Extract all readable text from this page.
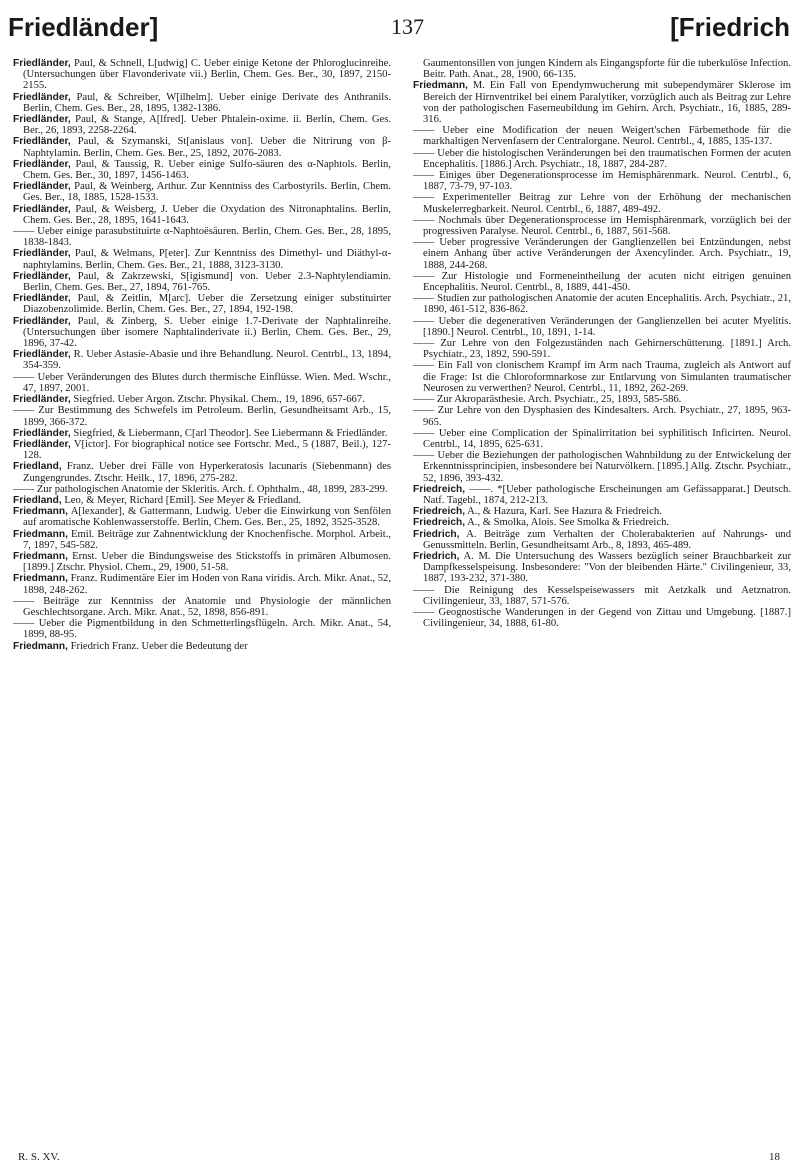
Friedländer]	137	[Friedrich

Friedländer, Paul, & Schnell, L[udwig] C. Ueber einige Ketone der Phloroglucinreihe. (Untersuchungen über Flavonderivate vii.) Berlin, Chem. Ges. Ber., 30, 1897, 2150-2155.

Friedländer, Paul, & Schreiber, W[ilhelm]. Ueber einige Derivate des Anthranils. Berlin, Chem. Ges. Ber., 28, 1895, 1382-1386.

Friedländer, Paul, & Stange, A[lfred]. Ueber Phtalein-oxime. ii. Berlin, Chem. Ges. Ber., 26, 1893, 2258-2264.

Friedländer, Paul, & Szymanski, St[anislaus von]. Ueber die Nitrirung von β-Naphtylamin. Berlin, Chem. Ges. Ber., 25, 1892, 2076-2083.

Friedländer, Paul, & Taussig, R. Ueber einige Sulfo-säuren des α-Naphtols. Berlin, Chem. Ges. Ber., 30, 1897, 1456-1463.

Friedländer, Paul, & Weinberg, Arthur. Zur Kenntniss des Carbostyrils. Berlin, Chem. Ges. Ber., 18, 1885, 1528-1533.

Friedländer, Paul, & Weisberg, J. Ueber die Oxydation des Nitronaphtalins. Berlin, Chem. Ges. Ber., 28, 1895, 1641-1643.

—— Ueber einige parasubstituirte α-Naphtoësäuren. Berlin, Chem. Ges. Ber., 28, 1895, 1838-1843.

Friedländer, Paul, & Welmans, P[eter]. Zur Kenntniss des Dimethyl- und Diäthyl-α-naphtylamins. Berlin, Chem. Ges. Ber., 21, 1888, 3123-3130.

Friedländer, Paul, & Zakrzewski, S[igismund] von. Ueber 2.3-Naphtylendiamin. Berlin, Chem. Ges. Ber., 27, 1894, 761-765.

Friedländer, Paul, & Zeitlin, M[arc]. Ueber die Zersetzung einiger substituirter Diazobenzolimide. Berlin, Chem. Ges. Ber., 27, 1894, 192-198.

Friedländer, Paul, & Zinberg, S. Ueber einige 1.7-Derivate der Naphtalinreihe. (Untersuchungen über isomere Naphtalinderivate ii.) Berlin, Chem. Ges. Ber., 29, 1896, 37-42.

Friedländer, R. Ueber Astasie-Abasie und ihre Behandlung. Neurol. Centrbl., 13, 1894, 354-359.

—— Ueber Veränderungen des Blutes durch thermische Einflüsse. Wien. Med. Wschr., 47, 1897, 2001.

Friedländer, Siegfried. Ueber Argon. Ztschr. Physikal. Chem., 19, 1896, 657-667.

—— Zur Bestimmung des Schwefels im Petroleum. Berlin, Gesundheitsamt Arb., 15, 1899, 366-372.

Friedländer, Siegfried, & Liebermann, C[arl Theodor]. See Liebermann & Friedländer.

Friedländer, V[ictor]. For biographical notice see Fortschr. Med., 5 (1887, Beil.), 127-128.

Friedland, Franz. Ueber drei Fälle von Hyperkeratosis lacunaris (Siebenmann) des Zungengrundes. Ztschr. Heilk., 17, 1896, 275-282.

—— Zur pathologischen Anatomie der Skleritis. Arch. f. Ophthalm., 48, 1899, 283-299.

Friedland, Leo, & Meyer, Richard [Emil]. See Meyer & Friedland.

Friedmann, A[lexander], & Gattermann, Ludwig. Ueber die Einwirkung von Senfölen auf aromatische Kohlenwasserstoffe. Berlin, Chem. Ges. Ber., 25, 1892, 3525-3528.

Friedmann, Emil. Beiträge zur Zahnentwicklung der Knochenfische. Morphol. Arbeit., 7, 1897, 545-582.

Friedmann, Ernst. Ueber die Bindungsweise des Stickstoffs in primären Albumosen. [1899.] Ztschr. Physiol. Chem., 29, 1900, 51-58.

Friedmann, Franz. Rudimentäre Eier im Hoden von Rana viridis. Arch. Mikr. Anat., 52, 1898, 248-262.

—— Beiträge zur Kenntniss der Anatomie und Physiologie der männlichen Geschlechtsorgane. Arch. Mikr. Anat., 52, 1898, 856-891.

—— Ueber die Pigmentbildung in den Schmetterlingsflügeln. Arch. Mikr. Anat., 54, 1899, 88-95.

Friedmann, Friedrich Franz. Ueber die Bedeutung der

Gaumentonsillen von jungen Kindern als Eingangspforte für die tuberkulöse Infection. Beitr. Path. Anat., 28, 1900, 66-135.

Friedmann, M. Ein Fall von Ependymwucherung mit subependymärer Sklerose im Bereich der Hirnventrikel bei einem Paralytiker, vorzüglich auch als Beitrag zur Lehre von der pathologischen Faserneubildung im Gehirn. Arch. Psychiatr., 16, 1885, 289-316.

—— Ueber eine Modification der neuen Weigert'schen Färbemethode für die markhaltigen Nervenfasern der Centralorgane. Neurol. Centrbl., 4, 1885, 135-137.

—— Ueber die histologischen Veränderungen bei den traumatischen Formen der acuten Encephalitis. [1886.] Arch. Psychiatr., 18, 1887, 284-287.

—— Einiges über Degenerationsprocesse im Hemisphärenmark. Neurol. Centrbl., 6, 1887, 73-79, 97-103.

—— Experimenteller Beitrag zur Lehre von der Erhöhung der mechanischen Muskelerregbarkeit. Neurol. Centrbl., 6, 1887, 489-492.

—— Nochmals über Degenerationsprocesse im Hemisphärenmark, vorzüglich bei der progressiven Paralyse. Neurol. Centrbl., 6, 1887, 561-568.

—— Ueber progressive Veränderungen der Ganglienzellen bei Entzündungen, nebst einem Anhang über active Veränderungen der Axencylinder. Arch. Psychiatr., 19, 1888, 244-268.

—— Zur Histologie und Formeneintheilung der acuten nicht eitrigen genuinen Encephalitis. Neurol. Centrbl., 8, 1889, 441-450.

—— Studien zur pathologischen Anatomie der acuten Encephalitis. Arch. Psychiatr., 21, 1890, 461-512, 836-862.

—— Ueber die degenerativen Veränderungen der Ganglienzellen bei acuter Myelitis. [1890.] Neurol. Centrbl., 10, 1891, 1-14.

—— Zur Lehre von den Folgezuständen nach Gehirnerschütterung. [1891.] Arch. Psychiatr., 23, 1892, 590-591.

—— Ein Fall von clonischem Krampf im Arm nach Trauma, zugleich als Antwort auf die Frage: Ist die Chloroformnarkose zur Entlarvung von Simulanten traumatischer Neurosen zu verwerthen? Neurol. Centrbl., 11, 1892, 262-269.

—— Zur Akroparästhesie. Arch. Psychiatr., 25, 1893, 585-586.

—— Zur Lehre von den Dysphasien des Kindesalters. Arch. Psychiatr., 27, 1895, 963-965.

—— Ueber eine Complication der Spinalirritation bei syphilitisch Inficirten. Neurol. Centrbl., 14, 1895, 625-631.

—— Ueber die Beziehungen der pathologischen Wahnbildung zu der Entwickelung der Erkenntnissprincipien, insbesondere bei Naturvölkern. [1895.] Allg. Ztschr. Psychiatr., 52, 1896, 393-432.

Friedreich, ——. *[Ueber pathologische Erscheinungen am Gefässapparat.] Deutsch. Natf. Tagebl., 1874, 212-213.

Friedreich, A., & Hazura, Karl. See Hazura & Friedreich.

Friedreich, A., & Smolka, Alois. See Smolka & Friedreich.

Friedrich, A. Beiträge zum Verhalten der Cholerabakterien auf Nahrungs- und Genussmitteln. Berlin, Gesundheitsamt Arb., 8, 1893, 465-489.

Friedrich, A. M. Die Untersuchung des Wassers bezüglich seiner Brauchbarkeit zur Dampfkesselspeisung. Insbesondere: "Von der bleibenden Härte." Civilingenieur, 33, 1887, 193-232, 371-380.

—— Die Reinigung des Kesselspeisewassers mit Aetzkalk und Aetznatron. Civilingenieur, 33, 1887, 571-576.

—— Geognostische Wanderungen in der Gegend von Zittau und Umgebung. [1887.] Civilingenieur, 34, 1888, 61-80.

R. S. XV.	18
